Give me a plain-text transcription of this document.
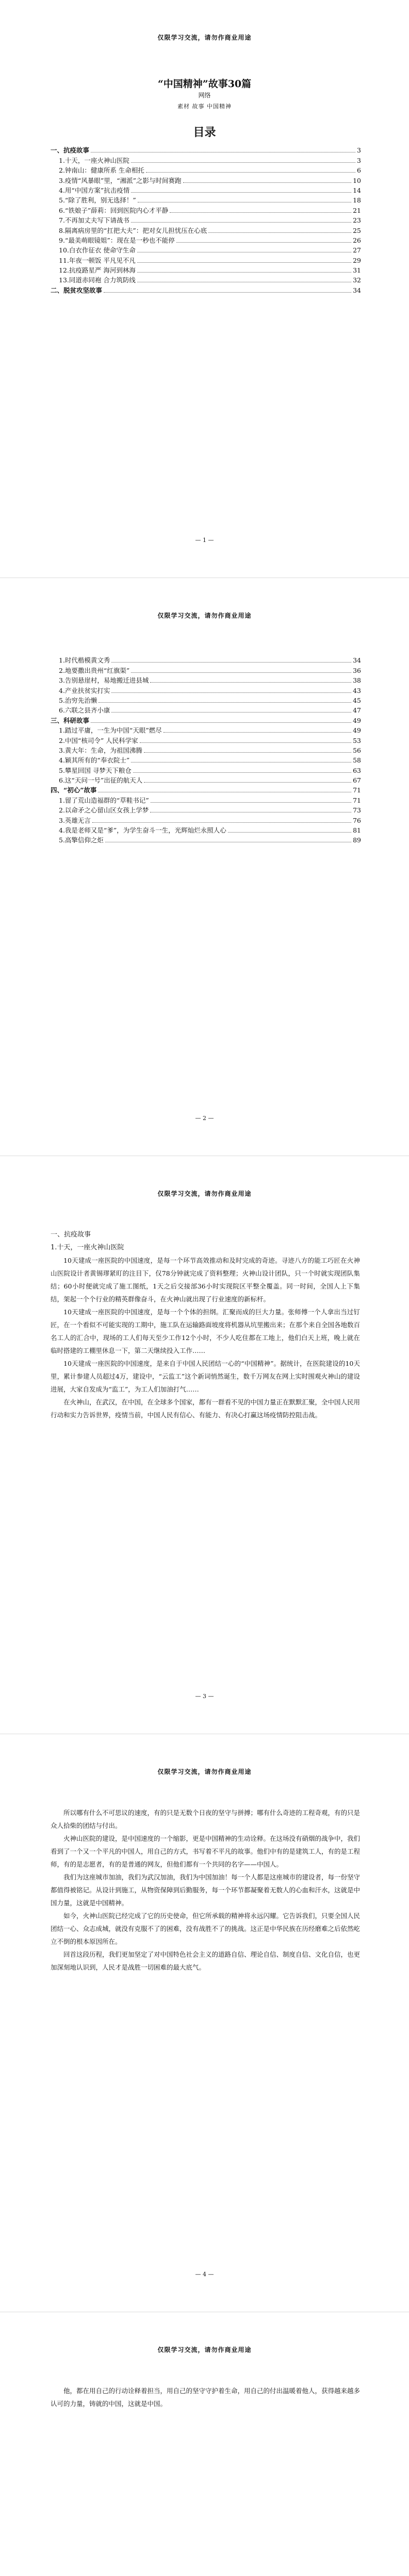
仅限学习交流，请勿作商业用途
“中国精神”故事30篇
网络
素材 故事 中国精神
目录
一、抗疫故事	3
1.十天，一座火神山医院	3
2.钟南山：健康所系 生命相托	6
3.疫情“风暴眼”里，“湘派”之影与时间赛跑	10
4.用“中国方案”抗击疫情	14
5.“除了胜利，别无选择！”	18
6.“铁娘子”薛莉：回到医院内心才平静	21
7.不再加丈夫写下请战书	23
8.隔离病房里的“扛把大夫”：把对女儿担忧压在心底	25
9.“最美萌眼镜姐”：现在是一秒也不能停	26
10.白衣作征衣 使命守生命	27
11.年夜一顿饭 平凡见不凡	29
12.抗疫路星严 海河到林海	31
13.同道赤同袍 合力筑防线	32
二、脱贫攻坚故事	34
— 1 —
仅限学习交流，请勿作商业用途
1.时代楷模黄文秀	34
2.地要撒出贵州“红旗渠”	36
3.告别悬崖村，易地搬迁进县城	38
4.产业扶贫实打实	43
5.治穷先治懒	45
6.六联之县齐小康	47
三、科研故事	49
1.踏过平庸，一生为中国“天眼”燃尽	49
2.中国“核司令” 人民科学家	53
3.黄大年：生命，为祖国沸腾	56
4.颖其所有的“奉衣院士”	58
5.攀星回国 寻梦天下粮仓	63
6.这“天问一号”出征的航天人	67
四、“初心”故事	71
1.留了荒山造福群的“草鞋书记”	71
2.以命矛之心留山区女孩上学梦	73
3.英雄无言	76
4.我是老师又是“爹”，为学生奋斗一生，光辉灿烂永照人心	81
5.高擎信仰之炬	89
— 2 —
仅限学习交流，请勿作商业用途
一、抗疫故事
1.十天，一座火神山医院

10天建成一座医院的中国速度，是每一个环节高效推动和及时完成的奇迹。寻迹八方的能工巧匠在火神山医院设计者黄锡璆紧盯的注目下，仅78分钟就完成了资料整理；火神山设计团队，只一个时就实现团队集结；60小时便就完成了施工图纸，1天之后交接部36小时实现院区平整全覆盖。同一时间，全国人上下集结，架起一个个行业的精英群像奋斗，在火神山就出现了行业速度的新标杆。

10天建成一座医院的中国速度，是每一个个体的担纲。汇聚而成的巨大力量。张师傅一个人拿出当过钉匠，在一个看似不可能实现的工期中，施工队在运输路面坡度将机器从坑里搬出来；在那个来自全国各地数百名工人的汇合中，现场的工人们每天至少工作12个小时，不少人吃住都在工地上，他们白天上班，晚上就在临时搭建的工棚里休息一下，第二天继续投入工作……

10天建成一座医院的中国速度，是来自于中国人民团结一心的“中国精神”。据统计，在医院建设的10天里，累计参建人员超过4万，建设中，“云监工”这个新词悄然诞生，数千万网友在网上实时围观火神山的建设进展，大家自发成为“监工”，为工人们加油打气……

在火神山，在武汉，在中国，在全球多个国家，都有一群看不见的中国力量正在默默汇聚，全中国人民用行动和实力告诉世界，疫情当前，中国人民有信心、有能力、有决心打赢这场疫情防控阻击战。

— 3 —
仅限学习交流，请勿作商业用途

所以哪有什么不可思议的速度，有的只是无数个日夜的坚守与拼搏；哪有什么奇迹的工程奇观，有的只是众人拾柴的团结与付出。

火神山医院的建设，是中国速度的一个缩影，更是中国精神的生动诠释。在这场没有硝烟的战争中，我们看到了一个又一个平凡的中国人，用自己的方式，书写着不平凡的故事。他们中有的是建筑工人，有的是工程师，有的是志愿者，有的是普通的网友，但他们都有一个共同的名字——中国人。

我们为这座城市加油，我们为武汉加油，我们为中国加油！每一个人都是这座城市的建设者，每一份坚守都值得被铭记。从设计到施工，从物资保障到后勤服务，每一个环节都凝聚着无数人的心血和汗水，这就是中国力量，这就是中国精神。

如今，火神山医院已经完成了它的历史使命，但它所承载的精神将永远闪耀。它告诉我们，只要全国人民团结一心、众志成城，就没有克服不了的困难，没有战胜不了的挑战。这正是中华民族在历经磨难之后依然屹立不倒的根本原因所在。

回首这段历程，我们更加坚定了对中国特色社会主义的道路自信、理论自信、制度自信、文化自信，也更加深刻地认识到，人民才是战胜一切困难的最大底气。

— 4 —
仅限学习交流，请勿作商业用途

他，都在用自己的行动诠释着担当，用自己的坚守守护着生命，用自己的付出温暖着他人，获得越来越多认可的力量，铸就的中国，这就是中国。
